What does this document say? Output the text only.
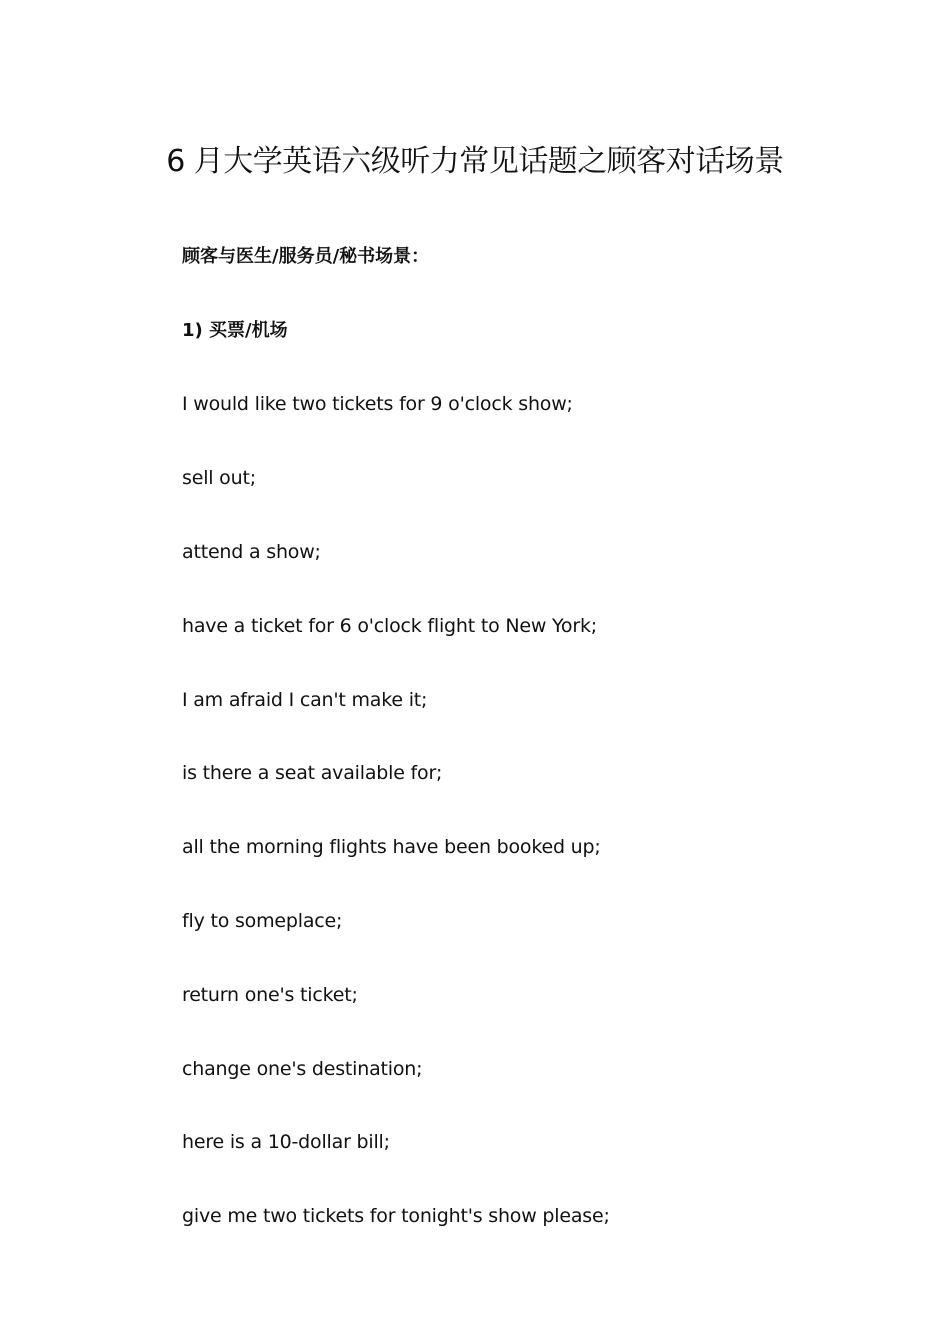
6 月大学英语六级听力常见话题之顾客对话场景
顾客与医生/服务员/秘书场景：
1) 买票/机场
I would like two tickets for 9 o'clock show;
sell out;
attend a show;
have a ticket for 6 o'clock flight to New York;
I am afraid I can't make it;
is there a seat available for;
all the morning flights have been booked up;
fly to someplace;
return one's ticket;
change one's destination;
here is a 10-dollar bill;
give me two tickets for tonight's show please;
